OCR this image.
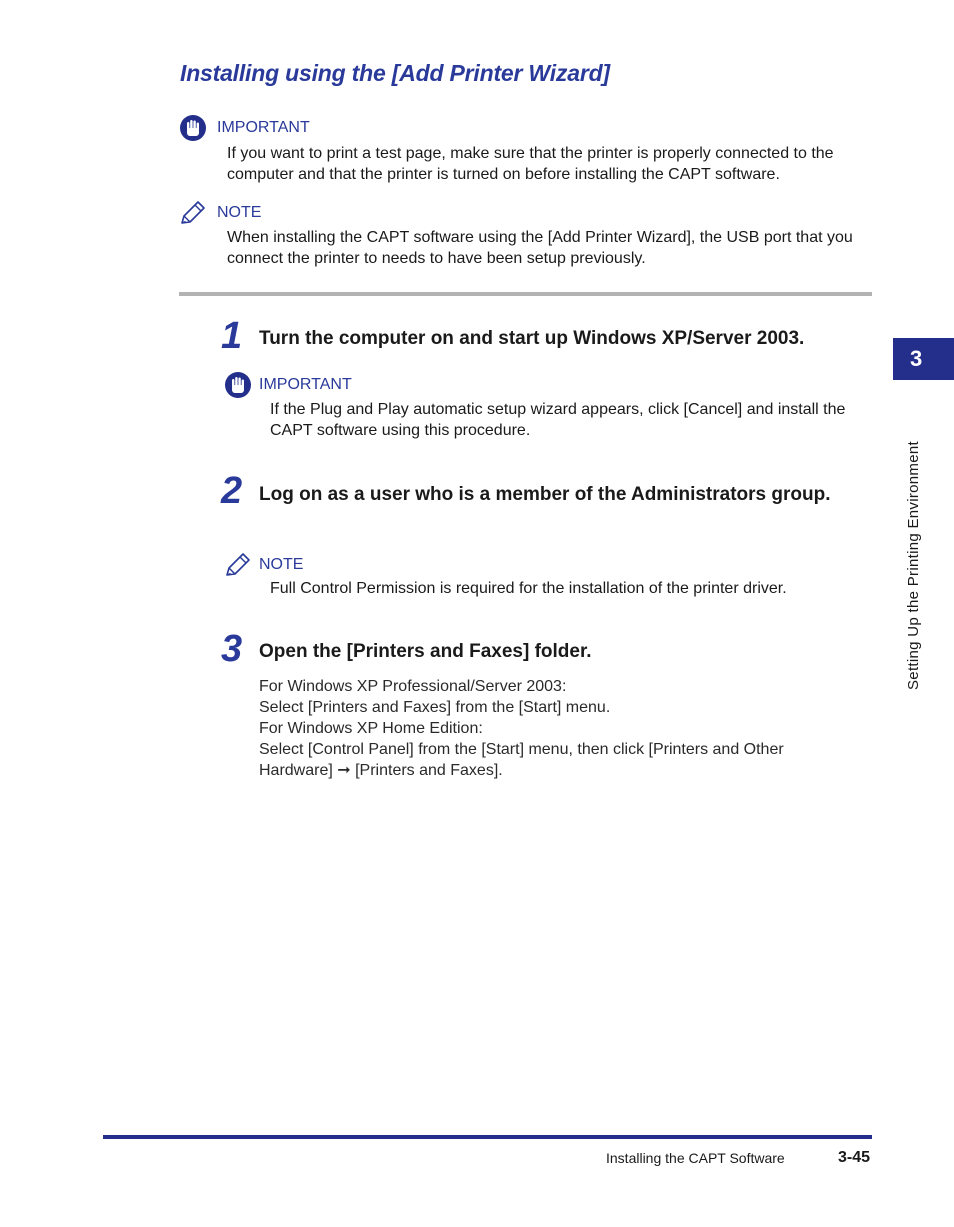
Installing using the [Add Printer Wizard]
IMPORTANT
If you want to print a test page, make sure that the printer is properly connected to the computer and that the printer is turned on before installing the CAPT software.
NOTE
When installing the CAPT software using the [Add Printer Wizard], the USB port that you connect the printer to needs to have been setup previously.
1 Turn the computer on and start up Windows XP/Server 2003.
IMPORTANT
If the Plug and Play automatic setup wizard appears, click [Cancel] and install the CAPT software using this procedure.
2 Log on as a user who is a member of the Administrators group.
NOTE
Full Control Permission is required for the installation of the printer driver.
3 Open the [Printers and Faxes] folder.
For Windows XP Professional/Server 2003:
Select [Printers and Faxes] from the [Start] menu.
For Windows XP Home Edition:
Select [Control Panel] from the [Start] menu, then click [Printers and Other Hardware] ➞ [Printers and Faxes].
3
Setting Up the Printing Environment
Installing the CAPT Software	3-45
